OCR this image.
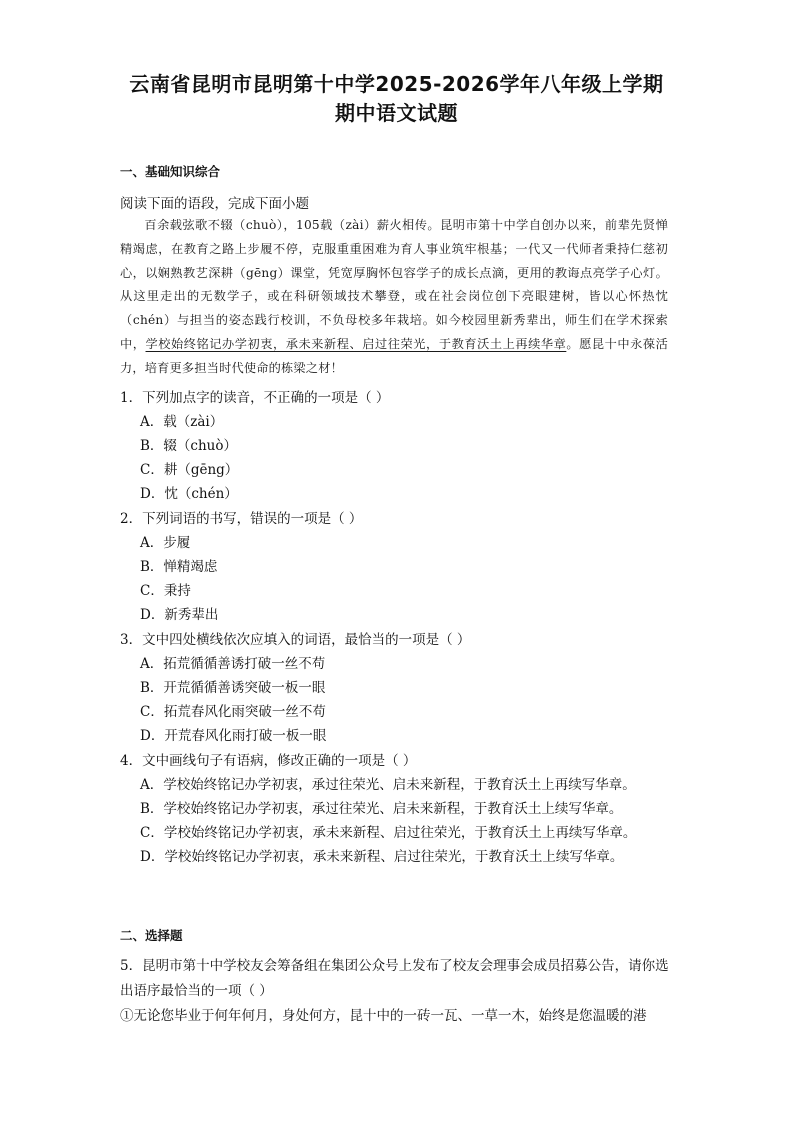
云南省昆明市昆明第十中学2025-2026学年八年级上学期
期中语文试题
一、基础知识综合
阅读下面的语段，完成下面小题
百余载弦歌不辍（chuò），105载（zài）薪火相传。昆明市第十中学自创办以来，前辈先贤惮精竭虑，在教育之路上步履不停，克服重重困难为育人事业筑牢根基；一代又一代师者秉持仁慈初心，以娴熟教艺深耕（gēng）课堂，凭宽厚胸怀包容学子的成长点滴，更用的教诲点亮学子心灯。从这里走出的无数学子，或在科研领域技术攀登，或在社会岗位创下亮眼建树，皆以心怀热忱（chén）与担当的姿态践行校训，不负母校多年栽培。如今校园里新秀辈出，师生们在学术探索中，学校始终铭记办学初衷，承未来新程、启过往荣光，于教育沃土上再续华章。愿昆十中永葆活力，培育更多担当时代使命的栋梁之材！
1．下列加点字的读音，不正确的一项是（ ）
A．载（zài）
B．辍（chuò）
C．耕（gēng）
D．忱（chén）
2．下列词语的书写，错误的一项是（ ）
A．步履
B．惮精竭虑
C．秉持
D．新秀辈出
3．文中四处横线依次应填入的词语，最恰当的一项是（ ）
A．拓荒循循善诱打破一丝不苟
B．开荒循循善诱突破一板一眼
C．拓荒春风化雨突破一丝不苟
D．开荒春风化雨打破一板一眼
4．文中画线句子有语病，修改正确的一项是（ ）
A．学校始终铭记办学初衷，承过往荣光、启未来新程，于教育沃土上再续写华章。
B．学校始终铭记办学初衷，承过往荣光、启未来新程，于教育沃土上续写华章。
C．学校始终铭记办学初衷，承未来新程、启过往荣光，于教育沃土上再续写华章。
D．学校始终铭记办学初衷，承未来新程、启过往荣光，于教育沃土上续写华章。
二、选择题
5．昆明市第十中学校友会筹备组在集团公众号上发布了校友会理事会成员招募公告，请你选出语序最恰当的一项（ ）
①无论您毕业于何年何月，身处何方，昆十中的一砖一瓦、一草一木，始终是您温暖的港
